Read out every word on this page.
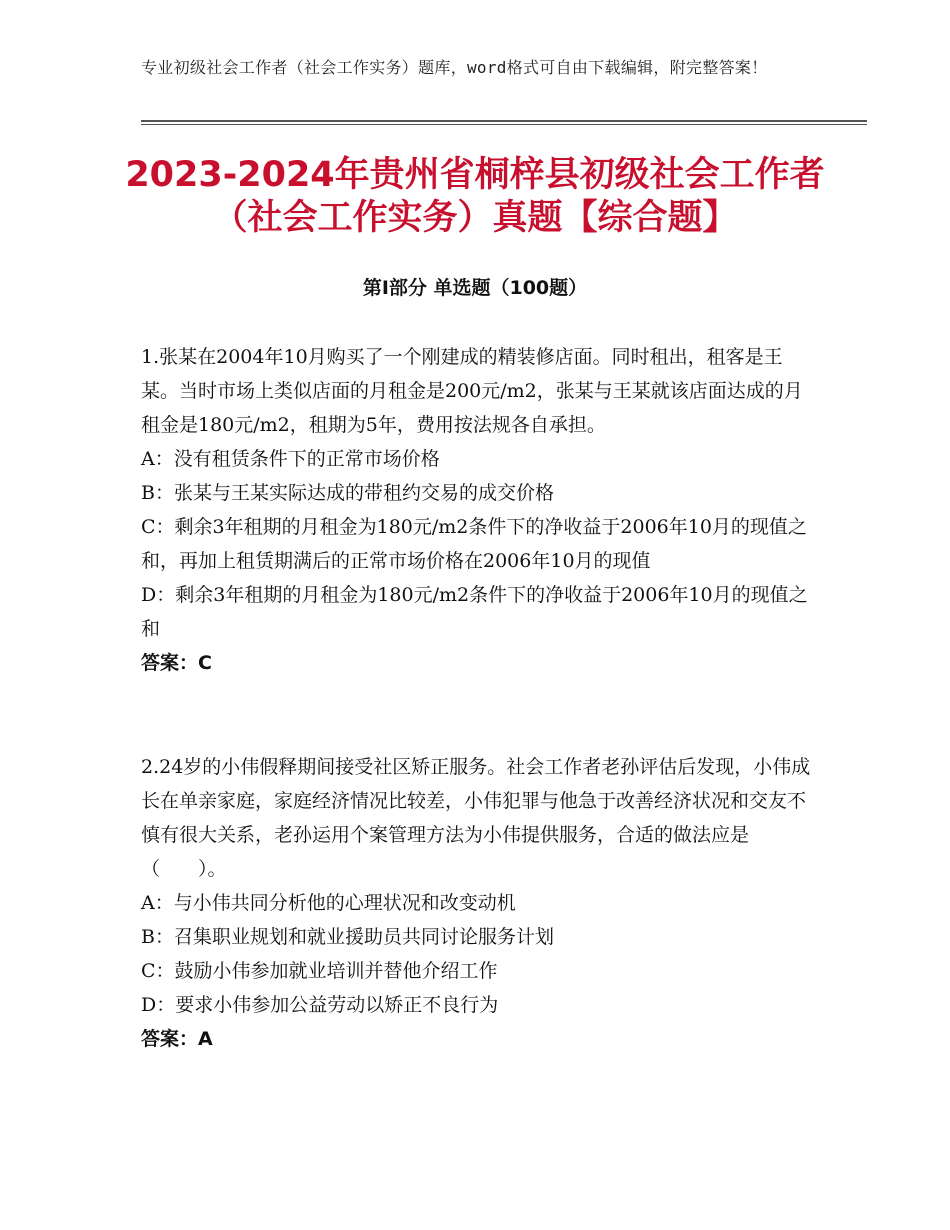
专业初级社会工作者（社会工作实务）题库，word格式可自由下载编辑，附完整答案！
2023-2024年贵州省桐梓县初级社会工作者
（社会工作实务）真题【综合题】
第Ⅰ部分 单选题（100题）

1.张某在2004年10月购买了一个刚建成的精装修店面。同时租出，租客是王某。当时市场上类似店面的月租金是200元/m2，张某与王某就该店面达成的月租金是180元/m2，租期为5年，费用按法规各自承担。

A：没有租赁条件下的正常市场价格

B：张某与王某实际达成的带租约交易的成交价格

C：剩余3年租期的月租金为180元/m2条件下的净收益于2006年10月的现值之和，再加上租赁期满后的正常市场价格在2006年10月的现值

D：剩余3年租期的月租金为180元/m2条件下的净收益于2006年10月的现值之和

答案：C

2.24岁的小伟假释期间接受社区矫正服务。社会工作者老孙评估后发现，小伟成长在单亲家庭，家庭经济情况比较差，小伟犯罪与他急于改善经济状况和交友不慎有很大关系，老孙运用个案管理方法为小伟提供服务，合适的做法应是（　　）。

A：与小伟共同分析他的心理状况和改变动机

B：召集职业规划和就业援助员共同讨论服务计划

C：鼓励小伟参加就业培训并替他介绍工作

D：要求小伟参加公益劳动以矫正不良行为

答案：A
